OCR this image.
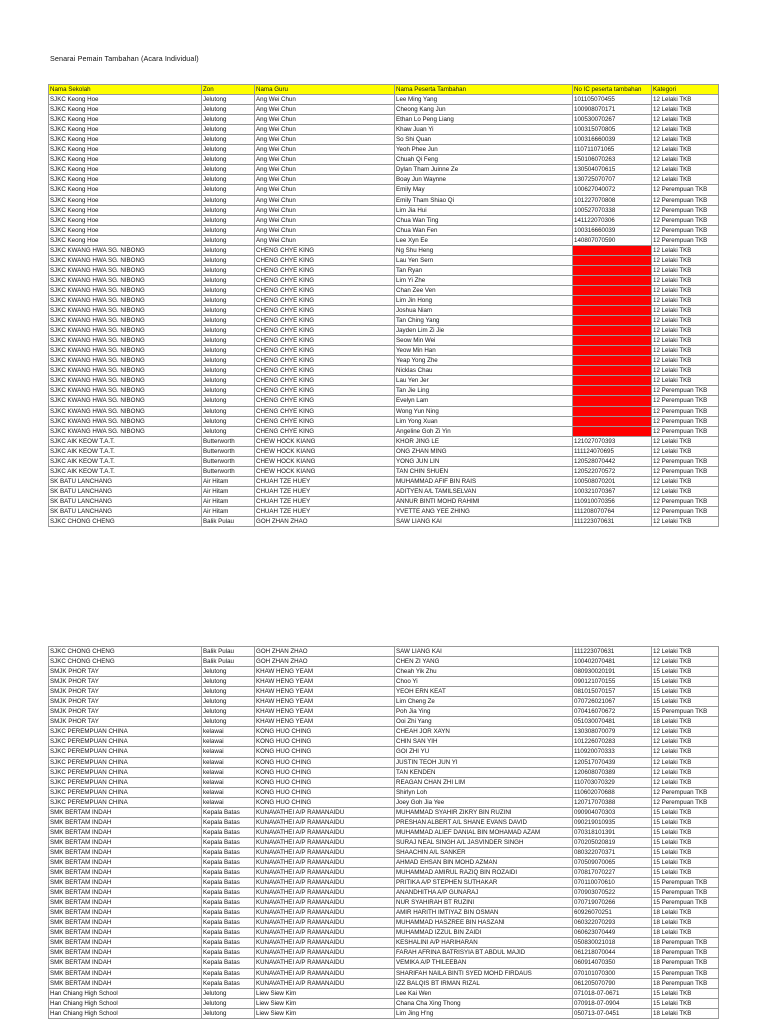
Senarai Pemain Tambahan (Acara Individual)
Nama Sekolah	Zon	Nama Guru	Nama Peserta Tambahan	No IC peserta tambahan	Kategori
SJKC Keong Hoe	Jelutong	Ang Wei Chun	Lee Ming Yang	101105070455	12 Lelaki TKB
SJKC Keong Hoe	Jelutong	Ang Wei Chun	Cheong Kang Jun	100908070171	12 Lelaki TKB
SJKC Keong Hoe	Jelutong	Ang Wei Chun	Ethan Lo Peng Liang	100530070267	12 Lelaki TKB
SJKC Keong Hoe	Jelutong	Ang Wei Chun	Khaw Juan Yi	100315070805	12 Lelaki TKB
SJKC Keong Hoe	Jelutong	Ang Wei Chun	So Shi Quan	100316660039	12 Lelaki TKB
SJKC Keong Hoe	Jelutong	Ang Wei Chun	Yeoh Phee Jun	110711071065	12 Lelaki TKB
SJKC Keong Hoe	Jelutong	Ang Wei Chun	Chuah Qi Feng	150106070263	12 Lelaki TKB
SJKC Keong Hoe	Jelutong	Ang Wei Chun	Dylan Tham Juinne Ze	130504070615	12 Lelaki TKB
SJKC Keong Hoe	Jelutong	Ang Wei Chun	Boay Jun Waynne	130725070707	12 Lelaki TKB
SJKC Keong Hoe	Jelutong	Ang Wei Chun	Emily May	100627040072	12 Perempuan TKB
SJKC Keong Hoe	Jelutong	Ang Wei Chun	Emily Tham Shiao Qi	101227070808	12 Perempuan TKB
SJKC Keong Hoe	Jelutong	Ang Wei Chun	Lim Jia Hui	100527070338	12 Perempuan TKB
SJKC Keong Hoe	Jelutong	Ang Wei Chun	Chua Wan Ting	141122070306	12 Perempuan TKB
SJKC Keong Hoe	Jelutong	Ang Wei Chun	Chua Wan Fen	100316660039	12 Perempuan TKB
SJKC Keong Hoe	Jelutong	Ang Wei Chun	Lee Xyn Ee	140807070590	12 Perempuan TKB
SJKC KWANG HWA SG. NIBONG	Jelutong	CHENG CHYE KING	Ng Shu Heng		12 Lelaki TKB
SJKC KWANG HWA SG. NIBONG	Jelutong	CHENG CHYE KING	Lau Yen Sern		12 Lelaki TKB
SJKC KWANG HWA SG. NIBONG	Jelutong	CHENG CHYE KING	Tan Ryan		12 Lelaki TKB
SJKC KWANG HWA SG. NIBONG	Jelutong	CHENG CHYE KING	Lim Yi Zhe		12 Lelaki TKB
SJKC KWANG HWA SG. NIBONG	Jelutong	CHENG CHYE KING	Chan Zee Ven		12 Lelaki TKB
SJKC KWANG HWA SG. NIBONG	Jelutong	CHENG CHYE KING	Lim Jin Hong		12 Lelaki TKB
SJKC KWANG HWA SG. NIBONG	Jelutong	CHENG CHYE KING	Joshua Niam		12 Lelaki TKB
SJKC KWANG HWA SG. NIBONG	Jelutong	CHENG CHYE KING	Tan Ching Yang		12 Lelaki TKB
SJKC KWANG HWA SG. NIBONG	Jelutong	CHENG CHYE KING	Jayden Lim Zi Jie		12 Lelaki TKB
SJKC KWANG HWA SG. NIBONG	Jelutong	CHENG CHYE KING	Seow Min Wei		12 Lelaki TKB
SJKC KWANG HWA SG. NIBONG	Jelutong	CHENG CHYE KING	Yeow Min Han		12 Lelaki TKB
SJKC KWANG HWA SG. NIBONG	Jelutong	CHENG CHYE KING	Yeap Yong Zhe		12 Lelaki TKB
SJKC KWANG HWA SG. NIBONG	Jelutong	CHENG CHYE KING	Nicklas Chau		12 Lelaki TKB
SJKC KWANG HWA SG. NIBONG	Jelutong	CHENG CHYE KING	Lau Yen Jer		12 Lelaki TKB
SJKC KWANG HWA SG. NIBONG	Jelutong	CHENG CHYE KING	Tan Jie Ling		12 Perempuan TKB
SJKC KWANG HWA SG. NIBONG	Jelutong	CHENG CHYE KING	Evelyn Lam		12 Perempuan TKB
SJKC KWANG HWA SG. NIBONG	Jelutong	CHENG CHYE KING	Wong Yun Ning		12 Perempuan TKB
SJKC KWANG HWA SG. NIBONG	Jelutong	CHENG CHYE KING	Lim Yong Xuan		12 Perempuan TKB
SJKC KWANG HWA SG. NIBONG	Jelutong	CHENG CHYE KING	Angeline Goh Zi Yin		12 Perempuan TKB
SJKC AIK KEOW T.A.T.	Butterworth	CHEW HOCK KIANG	KHOR JING LE	121027070393	12 Lelaki TKB
SJKC AIK KEOW T.A.T.	Butterworth	CHEW HOCK KIANG	ONG ZHAN MING	111124070695	12 Lelaki TKB
SJKC AIK KEOW T.A.T.	Butterworth	CHEW HOCK KIANG	YONG JUN LIN	120528070442	12 Perempuan TKB
SJKC AIK KEOW T.A.T.	Butterworth	CHEW HOCK KIANG	TAN CHIN SHUEN	120522070572	12 Perempuan TKB
SK BATU LANCHANG	Air Hitam	CHUAH TZE HUEY	MUHAMMAD AFIF BIN RAIS	100508070201	12 Lelaki TKB
SK BATU LANCHANG	Air Hitam	CHUAH TZE HUEY	ADITYEN A/L TAMILSELVAN	100321070367	12 Lelaki TKB
SK BATU LANCHANG	Air Hitam	CHUAH TZE HUEY	ANNUR BINTI MOHD RAHIMI	110910070356	12 Perempuan TKB
SK BATU LANCHANG	Air Hitam	CHUAH TZE HUEY	YVETTE ANG YEE ZHING	111208070764	12 Perempuan TKB
SJKC CHONG CHENG	Balik Pulau	GOH ZHAN ZHAO	SAW LIANG KAI	111223070631	12 Lelaki TKB
SJKC CHONG CHENG	Balik Pulau	GOH ZHAN ZHAO	SAW LIANG KAI	111223070631	12 Lelaki TKB
SJKC CHONG CHENG	Balik Pulau	GOH ZHAN ZHAO	CHEN ZI YANG	100402070481	12 Lelaki TKB
SMJK PHOR TAY	Jelutong	KHAW HENG YEAM	Cheah Yik Zhu	080930020191	15 Lelaki TKB
SMJK PHOR TAY	Jelutong	KHAW HENG YEAM	Choo Yi	090121070155	15 Lelaki TKB
SMJK PHOR TAY	Jelutong	KHAW HENG YEAM	YEOH ERN KEAT	081015070157	15 Lelaki TKB
SMJK PHOR TAY	Jelutong	KHAW HENG YEAM	Lim Cheng Ze	070726021067	15 Lelaki TKB
SMJK PHOR TAY	Jelutong	KHAW HENG YEAM	Poh Jia Ying	070416070672	15 Perempuan TKB
SMJK PHOR TAY	Jelutong	KHAW HENG YEAM	Ooi Zhi Yang	051030070481	18 Lelaki TKB
SJKC PEREMPUAN CHINA	kelawai	KONG HUO CHING	CHEAH JOR XAYN	130308070079	12 Lelaki TKB
SJKC PEREMPUAN CHINA	kelawai	KONG HUO CHING	CHIN SAN YIH	101226070283	12 Lelaki TKB
SJKC PEREMPUAN CHINA	kelawai	KONG HUO CHING	GOI ZHI YU	110920070333	12 Lelaki TKB
SJKC PEREMPUAN CHINA	kelawai	KONG HUO CHING	JUSTIN TEOH JUN YI	120517070439	12 Lelaki TKB
SJKC PEREMPUAN CHINA	kelawai	KONG HUO CHING	TAN KENDEN	120608070389	12 Lelaki TKB
SJKC PEREMPUAN CHINA	kelawai	KONG HUO CHING	REAGAN CHAN ZHI LIM	110703070329	12 Lelaki TKB
SJKC PEREMPUAN CHINA	kelawai	KONG HUO CHING	Shirlyn Loh	110602070688	12 Perempuan TKB
SJKC PEREMPUAN CHINA	kelawai	KONG HUO CHING	Joey Goh Jia Yee	120717070388	12 Perempuan TKB
SMK BERTAM INDAH	Kepala Batas	KUNAVATHEI A/P RAMANAIDU	MUHAMMAD SYAHIR ZIKRY BIN RUZINI	090904070303	15 Lelaki TKB
SMK BERTAM INDAH	Kepala Batas	KUNAVATHEI A/P RAMANAIDU	PRESHAN ALBERT A/L SHANE EVANS DAVID	090219010935	15 Lelaki TKB
SMK BERTAM INDAH	Kepala Batas	KUNAVATHEI A/P RAMANAIDU	MUHAMMAD ALIEF DANIAL BIN MOHAMAD AZAM	070318101391	15 Lelaki TKB
SMK BERTAM INDAH	Kepala Batas	KUNAVATHEI A/P RAMANAIDU	SURAJ NEAL SINGH A/L JASVINDER SINGH	070205020819	15 Lelaki TKB
SMK BERTAM INDAH	Kepala Batas	KUNAVATHEI A/P RAMANAIDU	SHAACHIN A/L SANKER	080322070371	15 Lelaki TKB
SMK BERTAM INDAH	Kepala Batas	KUNAVATHEI A/P RAMANAIDU	AHMAD EHSAN BIN MOHD AZMAN	070509070065	15 Lelaki TKB
SMK BERTAM INDAH	Kepala Batas	KUNAVATHEI A/P RAMANAIDU	MUHAMMAD AMIRUL RAZIQ BIN ROZAIDI	070817070227	15 Lelaki TKB
SMK BERTAM INDAH	Kepala Batas	KUNAVATHEI A/P RAMANAIDU	PRITIKA A/P STEPHEN SUTHAKAR	070110070610	15 Perempuan TKB
SMK BERTAM INDAH	Kepala Batas	KUNAVATHEI A/P RAMANAIDU	ANANDHITHA A/P GUNARAJ	070903070522	15 Perempuan TKB
SMK BERTAM INDAH	Kepala Batas	KUNAVATHEI A/P RAMANAIDU	NUR SYAHIRAH BT RUZINI	070719070266	15 Perempuan TKB
SMK BERTAM INDAH	Kepala Batas	KUNAVATHEI A/P RAMANAIDU	AMIR HARITH IMTIYAZ BIN OSMAN	60926070251	18 Lelaki TKB
SMK BERTAM INDAH	Kepala Batas	KUNAVATHEI A/P RAMANAIDU	MUHAMMAD HASZREE BIN HASZANI	060322070293	18 Lelaki TKB
SMK BERTAM INDAH	Kepala Batas	KUNAVATHEI A/P RAMANAIDU	MUHAMMAD IZZUL BIN ZAIDI	060623070449	18 Lelaki TKB
SMK BERTAM INDAH	Kepala Batas	KUNAVATHEI A/P RAMANAIDU	KESHALINI A/P HARIHARAN	050830021018	18 Perempuan TKB
SMK BERTAM INDAH	Kepala Batas	KUNAVATHEI A/P RAMANAIDU	FARAH AFRINA BATRISYIA BT ABDUL MAJID	061218070044	18 Perempuan TKB
SMK BERTAM INDAH	Kepala Batas	KUNAVATHEI A/P RAMANAIDU	VEMIKA A/P THILEEBAN	060914070350	18 Perempuan TKB
SMK BERTAM INDAH	Kepala Batas	KUNAVATHEI A/P RAMANAIDU	SHARIFAH NAILA BINTI SYED MOHD FIRDAUS	070101070300	15 Perempuan TKB
SMK BERTAM INDAH	Kepala Batas	KUNAVATHEI A/P RAMANAIDU	IZZ BALQIS BT IRMAN RIZAL	061205070790	18 Perempuan TKB
Han Chiang High School	Jelutong	Liew Siew Kim	Lee Kai Wen	071018-07-0671	15 Lelaki TKB
Han Chiang High School	Jelutong	Liew Siew Kim	Chana Cha Xing Thong	070918-07-0904	15 Lelaki TKB
Han Chiang High School	Jelutong	Liew Siew Kim	Lim Jing H'ng	050713-07-0451	18 Lelaki TKB
